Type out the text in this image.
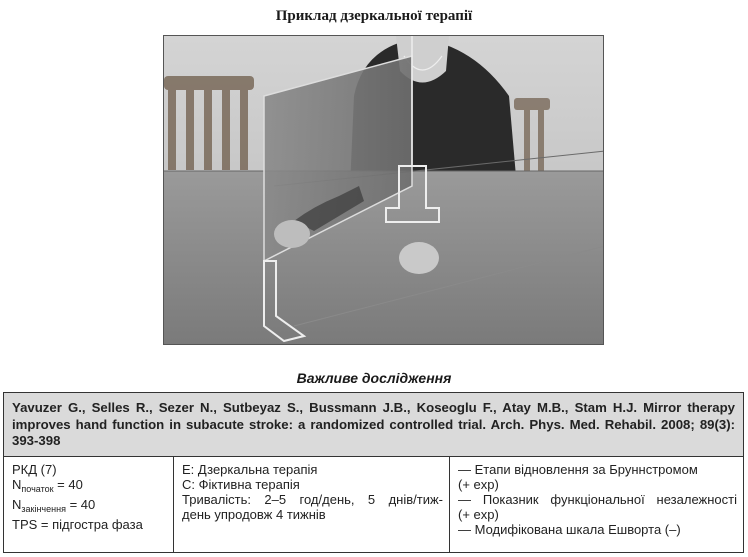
Приклад дзеркальної терапії
Важливе дослідження
Yavuzer G., Selles R., Sezer N., Sutbeyaz S., Bussmann J.B., Koseoglu F., Atay M.B., Stam H.J. Mirror therapy improves hand function in subacute stroke: a randomized controlled trial. Arch. Phys. Med. Rehabil. 2008; 89(3): 393-398
РКД (7)
$N_{початок} = 40$
$N_{закінчення} = 40$
TPS = підгостра фаза
Е: Дзеркальна терапія
С: Фіктивна терапія
Тривалість: 2–5 год/день, 5 днів/тиж-
день упродовж 4 тижнів
— Етапи відновлення за Бруннстромом
(+ exp)
— Показник функціональної незалежності
(+ exp)
— Модифікована шкала Ешворта (–)
